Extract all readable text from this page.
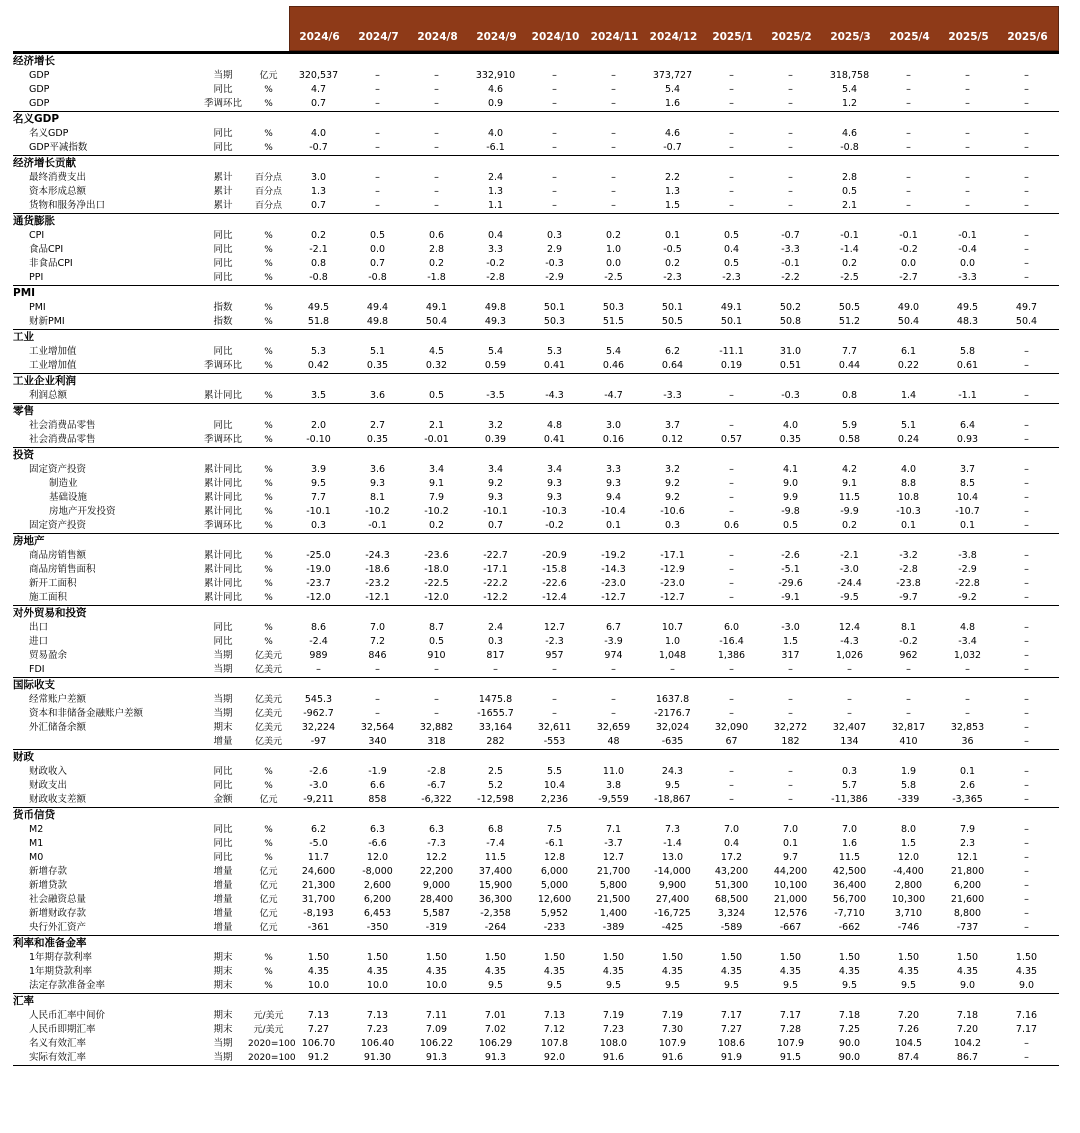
2024/6	2024/7	2024/8	2024/9	2024/10	2024/11	2024/12	2025/1	2025/2	2025/3	2025/4	2025/5	2025/6
经济增长
GDP	当期	亿元	320,537	–	–	332,910	–	–	373,727	–	–	318,758	–	–	–
GDP	同比	%	4.7	–	–	4.6	–	–	5.4	–	–	5.4	–	–	–
GDP	季调环比	%	0.7	–	–	0.9	–	–	1.6	–	–	1.2	–	–	–
名义GDP
名义GDP	同比	%	4.0	–	–	4.0	–	–	4.6	–	–	4.6	–	–	–
GDP平减指数	同比	%	-0.7	–	–	-6.1	–	–	-0.7	–	–	-0.8	–	–	–
经济增长贡献
最终消费支出	累计	百分点	3.0	–	–	2.4	–	–	2.2	–	–	2.8	–	–	–
资本形成总额	累计	百分点	1.3	–	–	1.3	–	–	1.3	–	–	0.5	–	–	–
货物和服务净出口	累计	百分点	0.7	–	–	1.1	–	–	1.5	–	–	2.1	–	–	–
通货膨胀
CPI	同比	%	0.2	0.5	0.6	0.4	0.3	0.2	0.1	0.5	-0.7	-0.1	-0.1	-0.1	–
食品CPI	同比	%	-2.1	0.0	2.8	3.3	2.9	1.0	-0.5	0.4	-3.3	-1.4	-0.2	-0.4	–
非食品CPI	同比	%	0.8	0.7	0.2	-0.2	-0.3	0.0	0.2	0.5	-0.1	0.2	0.0	0.0	–
PPI	同比	%	-0.8	-0.8	-1.8	-2.8	-2.9	-2.5	-2.3	-2.3	-2.2	-2.5	-2.7	-3.3	–
PMI
PMI	指数	%	49.5	49.4	49.1	49.8	50.1	50.3	50.1	49.1	50.2	50.5	49.0	49.5	49.7
财新PMI	指数	%	51.8	49.8	50.4	49.3	50.3	51.5	50.5	50.1	50.8	51.2	50.4	48.3	50.4
工业
工业增加值	同比	%	5.3	5.1	4.5	5.4	5.3	5.4	6.2	-11.1	31.0	7.7	6.1	5.8	–
工业增加值	季调环比	%	0.42	0.35	0.32	0.59	0.41	0.46	0.64	0.19	0.51	0.44	0.22	0.61	–
工业企业利润
利润总额	累计同比	%	3.5	3.6	0.5	-3.5	-4.3	-4.7	-3.3	–	-0.3	0.8	1.4	-1.1	–
零售
社会消费品零售	同比	%	2.0	2.7	2.1	3.2	4.8	3.0	3.7	–	4.0	5.9	5.1	6.4	–
社会消费品零售	季调环比	%	-0.10	0.35	-0.01	0.39	0.41	0.16	0.12	0.57	0.35	0.58	0.24	0.93	–
投资
固定资产投资	累计同比	%	3.9	3.6	3.4	3.4	3.4	3.3	3.2	–	4.1	4.2	4.0	3.7	–
制造业	累计同比	%	9.5	9.3	9.1	9.2	9.3	9.3	9.2	–	9.0	9.1	8.8	8.5	–
基础设施	累计同比	%	7.7	8.1	7.9	9.3	9.3	9.4	9.2	–	9.9	11.5	10.8	10.4	–
房地产开发投资	累计同比	%	-10.1	-10.2	-10.2	-10.1	-10.3	-10.4	-10.6	–	-9.8	-9.9	-10.3	-10.7	–
固定资产投资	季调环比	%	0.3	-0.1	0.2	0.7	-0.2	0.1	0.3	0.6	0.5	0.2	0.1	0.1	–
房地产
商品房销售额	累计同比	%	-25.0	-24.3	-23.6	-22.7	-20.9	-19.2	-17.1	–	-2.6	-2.1	-3.2	-3.8	–
商品房销售面积	累计同比	%	-19.0	-18.6	-18.0	-17.1	-15.8	-14.3	-12.9	–	-5.1	-3.0	-2.8	-2.9	–
新开工面积	累计同比	%	-23.7	-23.2	-22.5	-22.2	-22.6	-23.0	-23.0	–	-29.6	-24.4	-23.8	-22.8	–
施工面积	累计同比	%	-12.0	-12.1	-12.0	-12.2	-12.4	-12.7	-12.7	–	-9.1	-9.5	-9.7	-9.2	–
对外贸易和投资
出口	同比	%	8.6	7.0	8.7	2.4	12.7	6.7	10.7	6.0	-3.0	12.4	8.1	4.8	–
进口	同比	%	-2.4	7.2	0.5	0.3	-2.3	-3.9	1.0	-16.4	1.5	-4.3	-0.2	-3.4	–
贸易盈余	当期	亿美元	989	846	910	817	957	974	1,048	1,386	317	1,026	962	1,032	–
FDI	当期	亿美元	–	–	–	–	–	–	–	–	–	–	–	–	–
国际收支
经常账户差额	当期	亿美元	545.3	–	–	1475.8	–	–	1637.8	–	–	–	–	–	–
资本和非储备金融账户差额	当期	亿美元	-962.7	–	–	-1655.7	–	–	-2176.7	–	–	–	–	–	–
外汇储备余额	期末	亿美元	32,224	32,564	32,882	33,164	32,611	32,659	32,024	32,090	32,272	32,407	32,817	32,853	–
增量	亿美元	-97	340	318	282	-553	48	-635	67	182	134	410	36	–
财政
财政收入	同比	%	-2.6	-1.9	-2.8	2.5	5.5	11.0	24.3	–	–	0.3	1.9	0.1	–
财政支出	同比	%	-3.0	6.6	-6.7	5.2	10.4	3.8	9.5	–	–	5.7	5.8	2.6	–
财政收支差额	金额	亿元	-9,211	858	-6,322	-12,598	2,236	-9,559	-18,867	–	–	-11,386	-339	-3,365	–
货币信贷
M2	同比	%	6.2	6.3	6.3	6.8	7.5	7.1	7.3	7.0	7.0	7.0	8.0	7.9	–
M1	同比	%	-5.0	-6.6	-7.3	-7.4	-6.1	-3.7	-1.4	0.4	0.1	1.6	1.5	2.3	–
M0	同比	%	11.7	12.0	12.2	11.5	12.8	12.7	13.0	17.2	9.7	11.5	12.0	12.1	–
新增存款	增量	亿元	24,600	-8,000	22,200	37,400	6,000	21,700	-14,000	43,200	44,200	42,500	-4,400	21,800	–
新增贷款	增量	亿元	21,300	2,600	9,000	15,900	5,000	5,800	9,900	51,300	10,100	36,400	2,800	6,200	–
社会融资总量	增量	亿元	31,700	6,200	28,400	36,300	12,600	21,500	27,400	68,500	21,000	56,700	10,300	21,600	–
新增财政存款	增量	亿元	-8,193	6,453	5,587	-2,358	5,952	1,400	-16,725	3,324	12,576	-7,710	3,710	8,800	–
央行外汇资产	增量	亿元	-361	-350	-319	-264	-233	-389	-425	-589	-667	-662	-746	-737	–
利率和准备金率
1年期存款利率	期末	%	1.50	1.50	1.50	1.50	1.50	1.50	1.50	1.50	1.50	1.50	1.50	1.50	1.50
1年期贷款利率	期末	%	4.35	4.35	4.35	4.35	4.35	4.35	4.35	4.35	4.35	4.35	4.35	4.35	4.35
法定存款准备金率	期末	%	10.0	10.0	10.0	9.5	9.5	9.5	9.5	9.5	9.5	9.5	9.5	9.0	9.0
汇率
人民币汇率中间价	期末	元/美元	7.13	7.13	7.11	7.01	7.13	7.19	7.19	7.17	7.17	7.18	7.20	7.18	7.16
人民币即期汇率	期末	元/美元	7.27	7.23	7.09	7.02	7.12	7.23	7.30	7.27	7.28	7.25	7.26	7.20	7.17
名义有效汇率	当期	2020=100 106.70	106.40	106.22	106.29	107.8	108.0	107.9	108.6	107.9	90.0	104.5	104.2	–
实际有效汇率	当期	2020=100	91.2	91.30	91.3	91.3	92.0	91.6	91.6	91.9	91.5	90.0	87.4	86.7	–
